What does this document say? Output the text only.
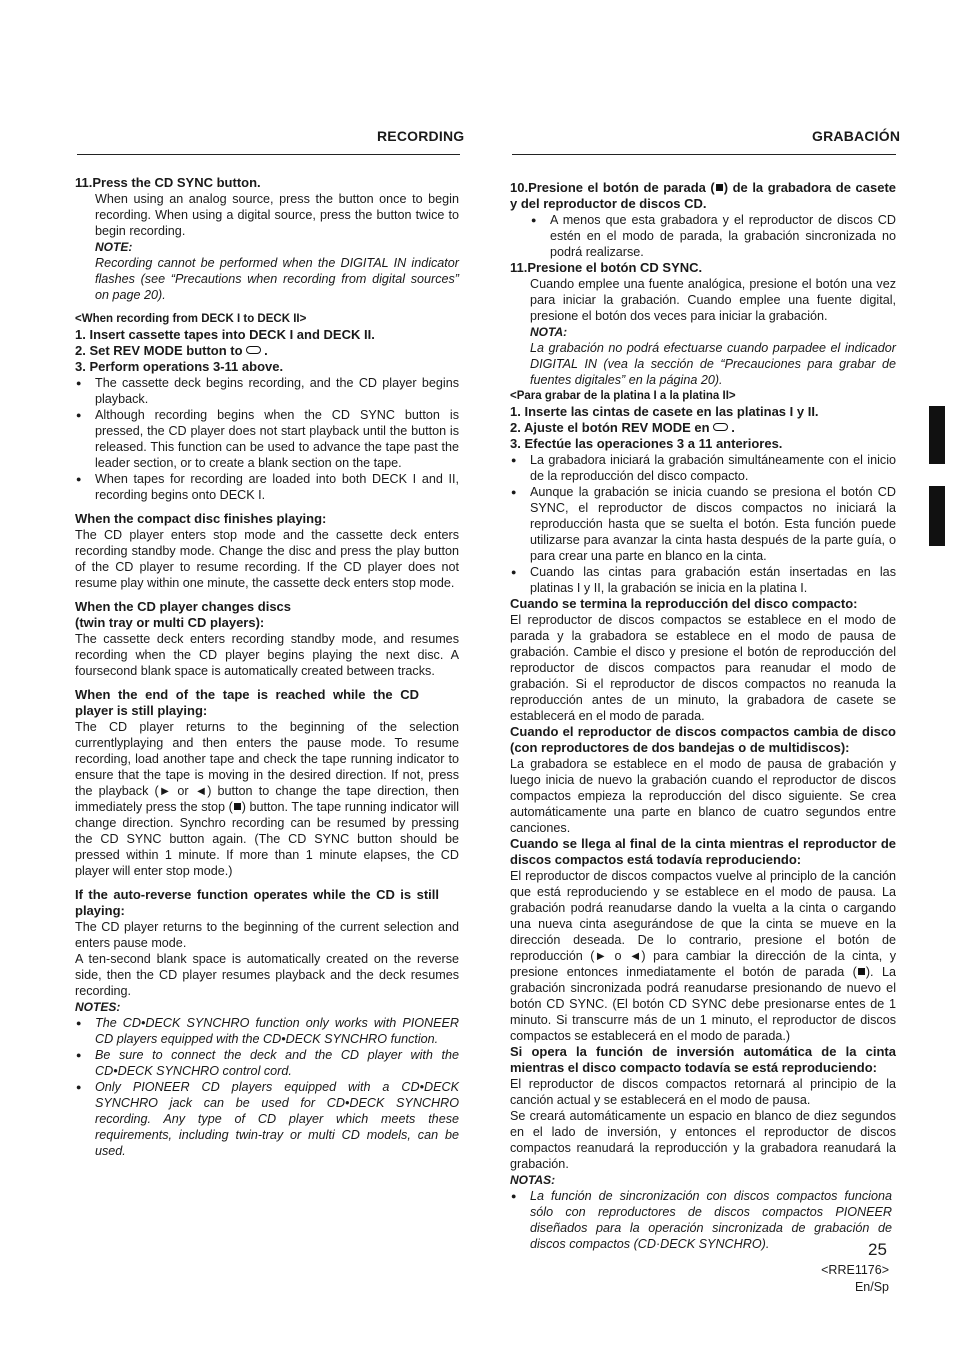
RECORDING

11.Press the CD SYNC button.

When using an analog source, press the button once to begin recording. When using a digital source, press the button twice to begin recording.

NOTE:

Recording cannot be performed when the DIGITAL IN indicator flashes (see “Precautions when recording from digital sources” on page 20).

<When recording from DECK I to DECK II>

1. Insert cassette tapes into DECK I and DECK II.
2. Set REV MODE button to .
3. Perform operations 3-11 above.
● The cassette deck begins recording, and the CD player begins playback.
● Although recording begins when the CD SYNC button is pressed, the CD player does not start playback until the button is released. This function can be used to advance the tape past the leader section, or to create a blank section on the tape.
● When tapes for recording are loaded into both DECK I and II, recording begins onto DECK I.

When the compact disc finishes playing:

The CD player enters stop mode and the cassette deck enters recording standby mode. Change the disc and press the play button of the CD player to resume recording. If the CD player does not resume play within one minute, the cassette deck enters stop mode.

When the CD player changes discs

(twin tray or multi CD players):

The cassette deck enters recording standby mode, and resumes recording when the CD player begins playing the next disc. A foursecond blank space is automatically created between tracks.

When the end of the tape is reached while the CD player is still playing:

The CD player returns to the beginning of the selection currentlyplaying and then enters the pause mode. To resume recording, load another tape and check the tape running indicator to ensure that the tape is moving in the desired direction. If not, press the playback (► or ◄) button to change the tape direction, then immediately press the stop ( ) button. The tape running indicator will change direction. Synchro recording can be resumed by pressing the CD SYNC button again. (The CD SYNC button should be pressed within 1 minute. If more than 1 minute elapses, the CD player will enter stop mode.)

If the auto-reverse function operates while the CD is still playing:

The CD player returns to the beginning of the current selection and enters pause mode.

A ten-second blank space is automatically created on the reverse side, then the CD player resumes playback and the deck resumes recording.

NOTES:

● The CD•DECK SYNCHRO function only works with PIONEER CD players equipped with the CD•DECK SYNCHRO function.
● Be sure to connect the deck and the CD player with the CD•DECK SYNCHRO control cord.
● Only PIONEER CD players equipped with a CD•DECK SYNCHRO jack can be used for CD•DECK SYNCHRO recording. Any type of CD player which meets these requirements, including twin-tray or multi CD models, can be used.
GRABACIÓN

10.Presione el botón de parada ( ) de la grabadora de casete y del reproductor de discos CD.

● A menos que esta grabadora y el reproductor de discos CD estén en el modo de parada, la grabación sincronizada no podrá realizarse.

11.Presione el botón CD SYNC.

Cuando emplee una fuente analógica, presione el botón una vez para iniciar la grabación. Cuando emplee una fuente digital, presione el botón dos veces para iniciar la grabación.

NOTA:

La grabación no podrá efectuarse cuando parpadee el indicador DIGITAL IN (vea la sección de “Precauciones para grabar de fuentes digitales” en la página 20).

<Para grabar de la platina I a la platina II>

1. Inserte las cintas de casete en las platinas I y II.
2. Ajuste el botón REV MODE en .
3. Efectúe las operaciones 3 a 11 anteriores.
● La grabadora iniciará la grabación simultáneamente con el inicio de la reproducción del disco compacto.
● Aunque la grabación se inicia cuando se presiona el botón CD SYNC, el reproductor de discos compactos no iniciará la reproducción hasta que se suelta el botón. Esta función puede utilizarse para avanzar la cinta hasta después de la parte guía, o para crear una parte en blanco en la cinta.
● Cuando las cintas para grabación están insertadas en las platinas I y II, la grabación se inicia en la platina I.

Cuando se termina la reproducción del disco compacto:

El reproductor de discos compactos se establece en el modo de parada y la grabadora se establece en el modo de pausa de grabación. Cambie el disco y presione el botón de reproducción del reproductor de discos compactos para reanudar el modo de grabación. Si el reproductor de discos compactos no reanuda la reproducción antes de un minuto, la grabadora de casete se establecerá en el modo de parada.

Cuando el reproductor de discos compactos cambia de disco (con reproductores de dos bandejas o de multidiscos):

La grabadora se establece en el modo de pausa de grabación y luego inicia de nuevo la grabación cuando el reproductor de discos compactos empieza la reproducción del disco siguiente. Se crea automáticamente una parte en blanco de cuatro segundos entre canciones.

Cuando se llega al final de la cinta mientras el reproductor de discos compactos está todavía reproduciendo:

El reproductor de discos compactos vuelve al principlo de la canción que está reproduciendo y se establece en el modo de pausa. La grabación podrá reanudarse dando la vuelta a la cinta o cargando una nueva cinta asegurándose de que la cinta se mueve en la dirección deseada. De lo contrario, presione el botón de reproducción (► o ◄) para cambiar la dirección de la cinta, y presione entonces inmediatamente el botón de parada ( ). La grabación sincronizada podrá reanudarse presionando de nuevo el botón CD SYNC. (El botón CD SYNC debe presionarse entes de 1 minuto. Si transcurre más de un 1 minuto, el reproductor de discos compactos se establecerá en el modo de parada.)

Si opera la función de inversión automática de la cinta mientras el disco compacto todavía se está reproduciendo:

El reproductor de discos compactos retornará al principio de la canción actual y se establecerá en el modo de pausa.

Se creará automáticamente un espacio en blanco de diez segundos en el lado de inversión, y entonces el reproductor de discos compactos reanudará la reproducción y la grabadora reanudará la grabación.

NOTAS:

● La función de sincronización con discos compactos funciona sólo con reproductores de discos compactos PIONEER diseñados para la operación sincronizada de grabación de discos compactos (CD·DECK SYNCHRO).	25
<RRE1176>
En/Sp
